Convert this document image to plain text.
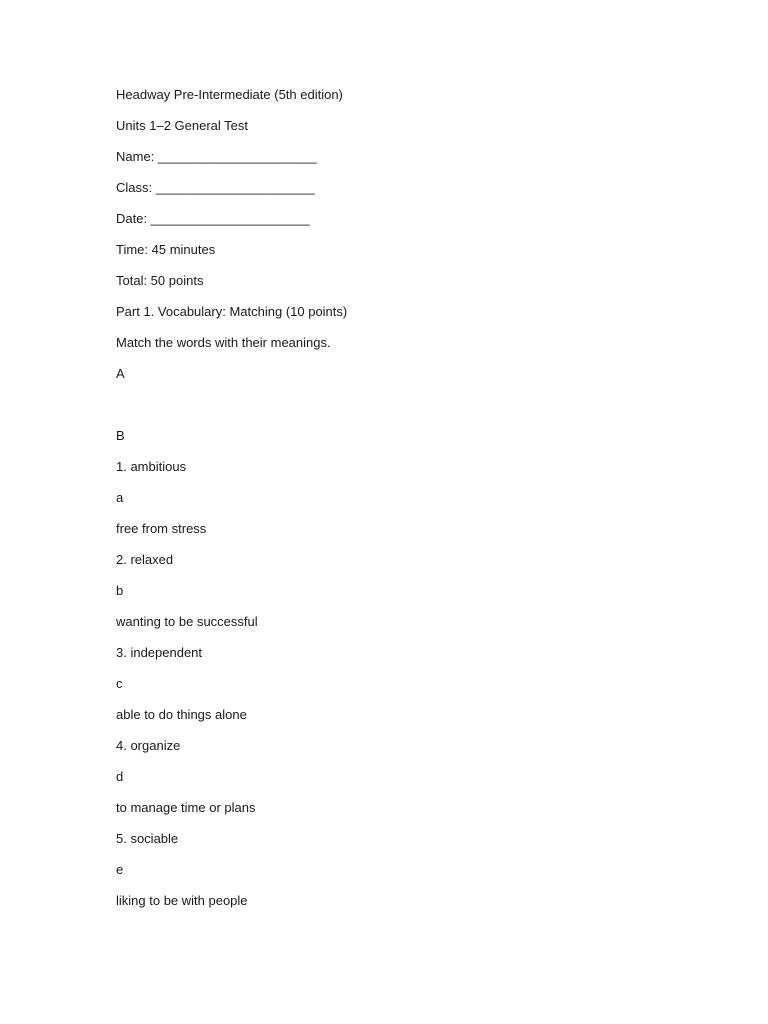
Headway Pre-Intermediate (5th edition)
Units 1–2 General Test
Name: ______________________
Class: ______________________
Date: ______________________
Time: 45 minutes
Total: 50 points
Part 1. Vocabulary: Matching (10 points)
Match the words with their meanings.
A
B
1. ambitious
a
free from stress
2. relaxed
b
wanting to be successful
3. independent
c
able to do things alone
4. organize
d
to manage time or plans
5. sociable
e
liking to be with people
